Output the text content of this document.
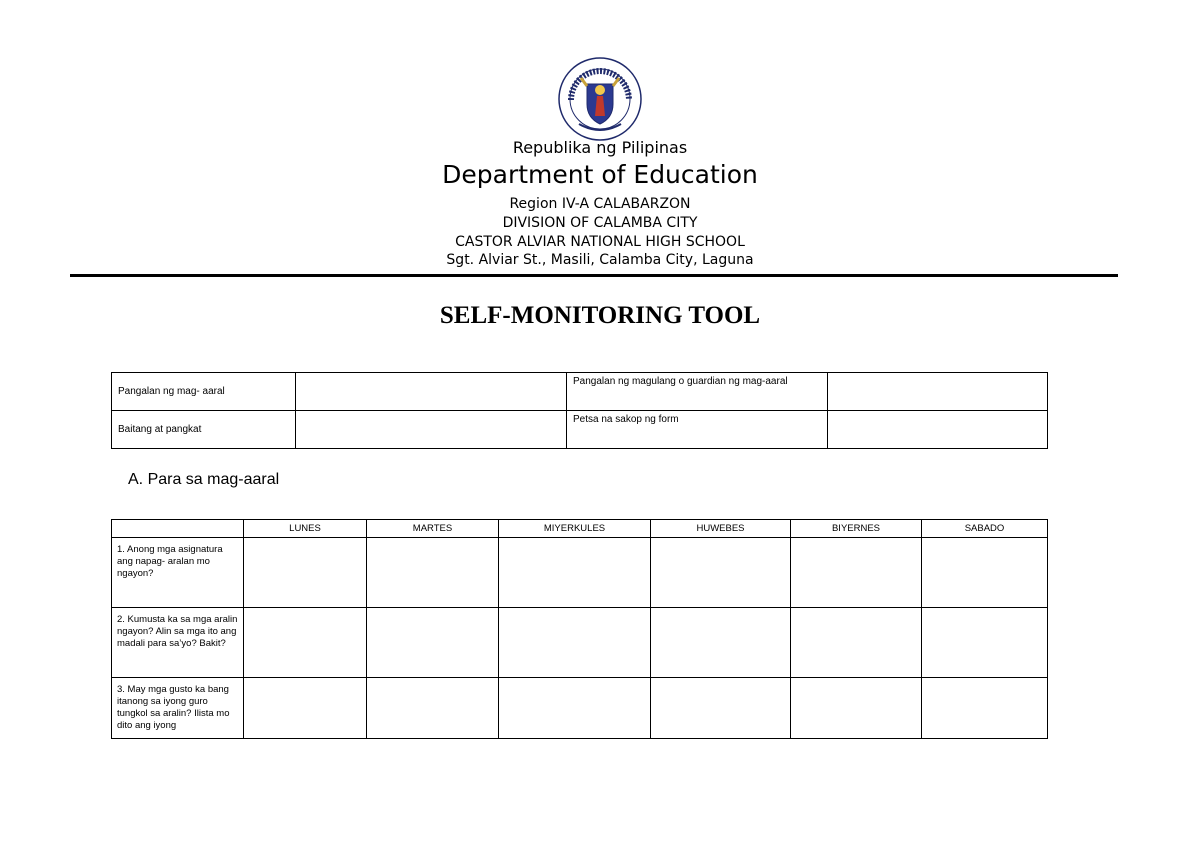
Republika ng Pilipinas
Department of Education
Region IV-A CALABARZON
DIVISION OF CALAMBA CITY
CASTOR ALVIAR NATIONAL HIGH SCHOOL
Sgt. Alviar St., Masili, Calamba City, Laguna
SELF-MONITORING TOOL
Pangalan ng mag- aaral		Pangalan ng magulang o guardian ng mag-aaral	
Baitang at pangkat		Petsa na sakop ng form	
A. Para sa mag-aaral
	LUNES	MARTES	MIYERKULES	HUWEBES	BIYERNES	SABADO
1. Anong mga asignatura ang napag- aralan mo ngayon?						
2. Kumusta ka sa mga aralin ngayon? Alin sa mga ito ang madali para sa’yo? Bakit?						
3. May mga gusto ka bang itanong sa iyong guro tungkol sa aralin? Ilista mo dito ang iyong						
